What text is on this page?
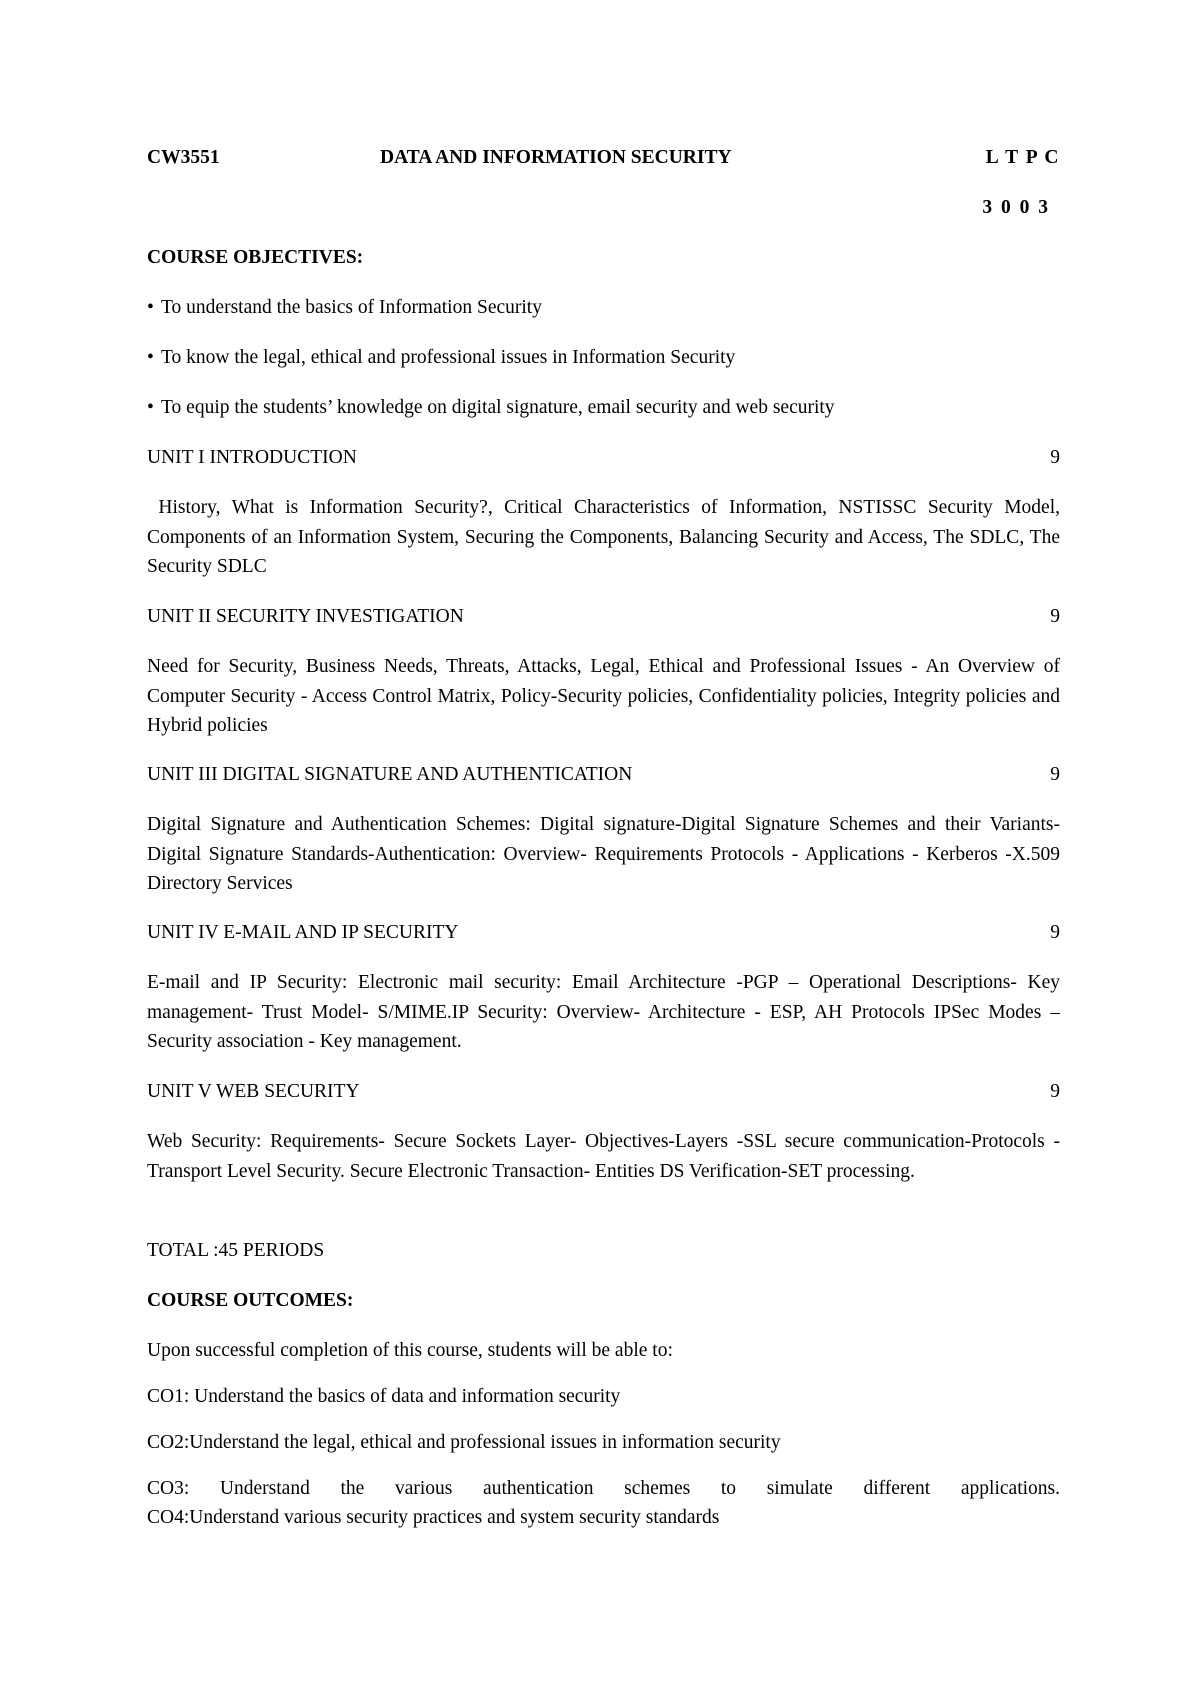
CW3551	DATA AND INFORMATION SECURITY	L T P C
3 0 0 3
COURSE OBJECTIVES:
• To understand the basics of Information Security
• To know the legal, ethical and professional issues in Information Security
• To equip the students’ knowledge on digital signature, email security and web security
UNIT I INTRODUCTION	9
History, What is Information Security?, Critical Characteristics of Information, NSTISSC Security Model, Components of an Information System, Securing the Components, Balancing Security and Access, The SDLC, The Security SDLC
UNIT II SECURITY INVESTIGATION	9
Need for Security, Business Needs, Threats, Attacks, Legal, Ethical and Professional Issues - An Overview of Computer Security - Access Control Matrix, Policy-Security policies, Confidentiality policies, Integrity policies and Hybrid policies
UNIT III DIGITAL SIGNATURE AND AUTHENTICATION	9
Digital Signature and Authentication Schemes: Digital signature-Digital Signature Schemes and their Variants- Digital Signature Standards-Authentication: Overview- Requirements Protocols - Applications - Kerberos -X.509 Directory Services
UNIT IV E-MAIL AND IP SECURITY	9
E-mail and IP Security: Electronic mail security: Email Architecture -PGP – Operational Descriptions- Key management- Trust Model- S/MIME.IP Security: Overview- Architecture - ESP, AH Protocols IPSec Modes – Security association - Key management.
UNIT V WEB SECURITY	9
Web Security: Requirements- Secure Sockets Layer- Objectives-Layers -SSL secure communication-Protocols - Transport Level Security. Secure Electronic Transaction- Entities DS Verification-SET processing.
TOTAL :45 PERIODS
COURSE OUTCOMES:
Upon successful completion of this course, students will be able to:
CO1: Understand the basics of data and information security
CO2:Understand the legal, ethical and professional issues in information security
CO3: Understand the various authentication schemes to simulate different applications.
CO4:Understand various security practices and system security standards
